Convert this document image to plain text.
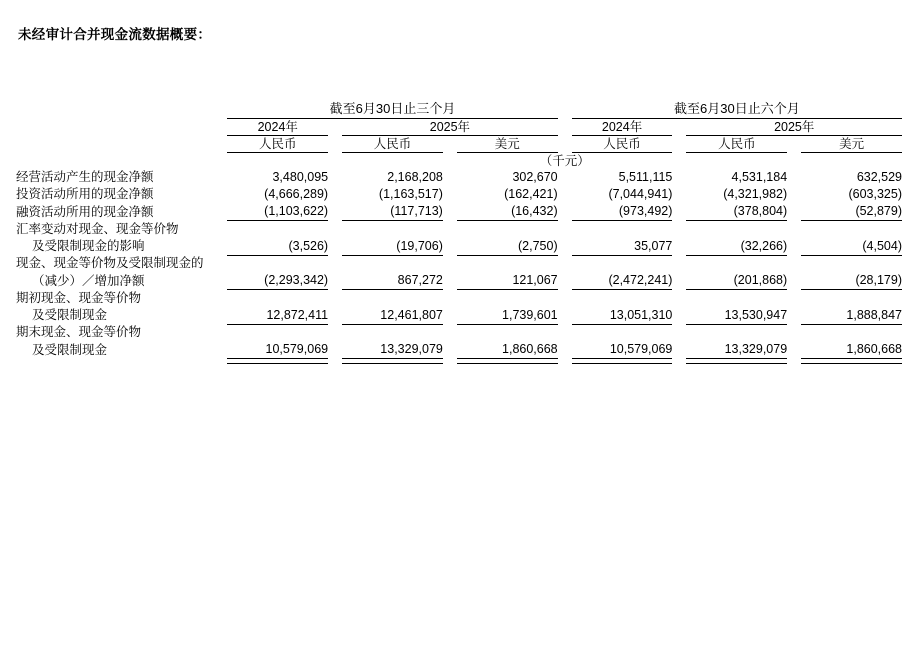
未经审计合并现金流数据概要：
		截至6月30日止三个月						截至6月30日止六个月				
		2024年		2025年				2024年		2025年		
		人民币		人民币		美元		人民币		人民币		美元
		（千元）										
经营活动产生的现金净额		3,480,095		2,168,208		302,670		5,511,115		4,531,184		632,529
投资活动所用的现金净额		(4,666,289)		(1,163,517)		(162,421)		(7,044,941)		(4,321,982)		(603,325)
融资活动所用的现金净额		(1,103,622)		(117,713)		(16,432)		(973,492)		(378,804)		(52,879)
汇率变动对现金、现金等价物												
及受限制现金的影响		(3,526)		(19,706)		(2,750)		35,077		(32,266)		(4,504)
现金、现金等价物及受限制现金的												
（减少）／增加净额		(2,293,342)		867,272		121,067		(2,472,241)		(201,868)		(28,179)
期初现金、现金等价物												
及受限制现金		12,872,411		12,461,807		1,739,601		13,051,310		13,530,947		1,888,847
期末现金、现金等价物												
及受限制现金		10,579,069		13,329,079		1,860,668		10,579,069		13,329,079		1,860,668
